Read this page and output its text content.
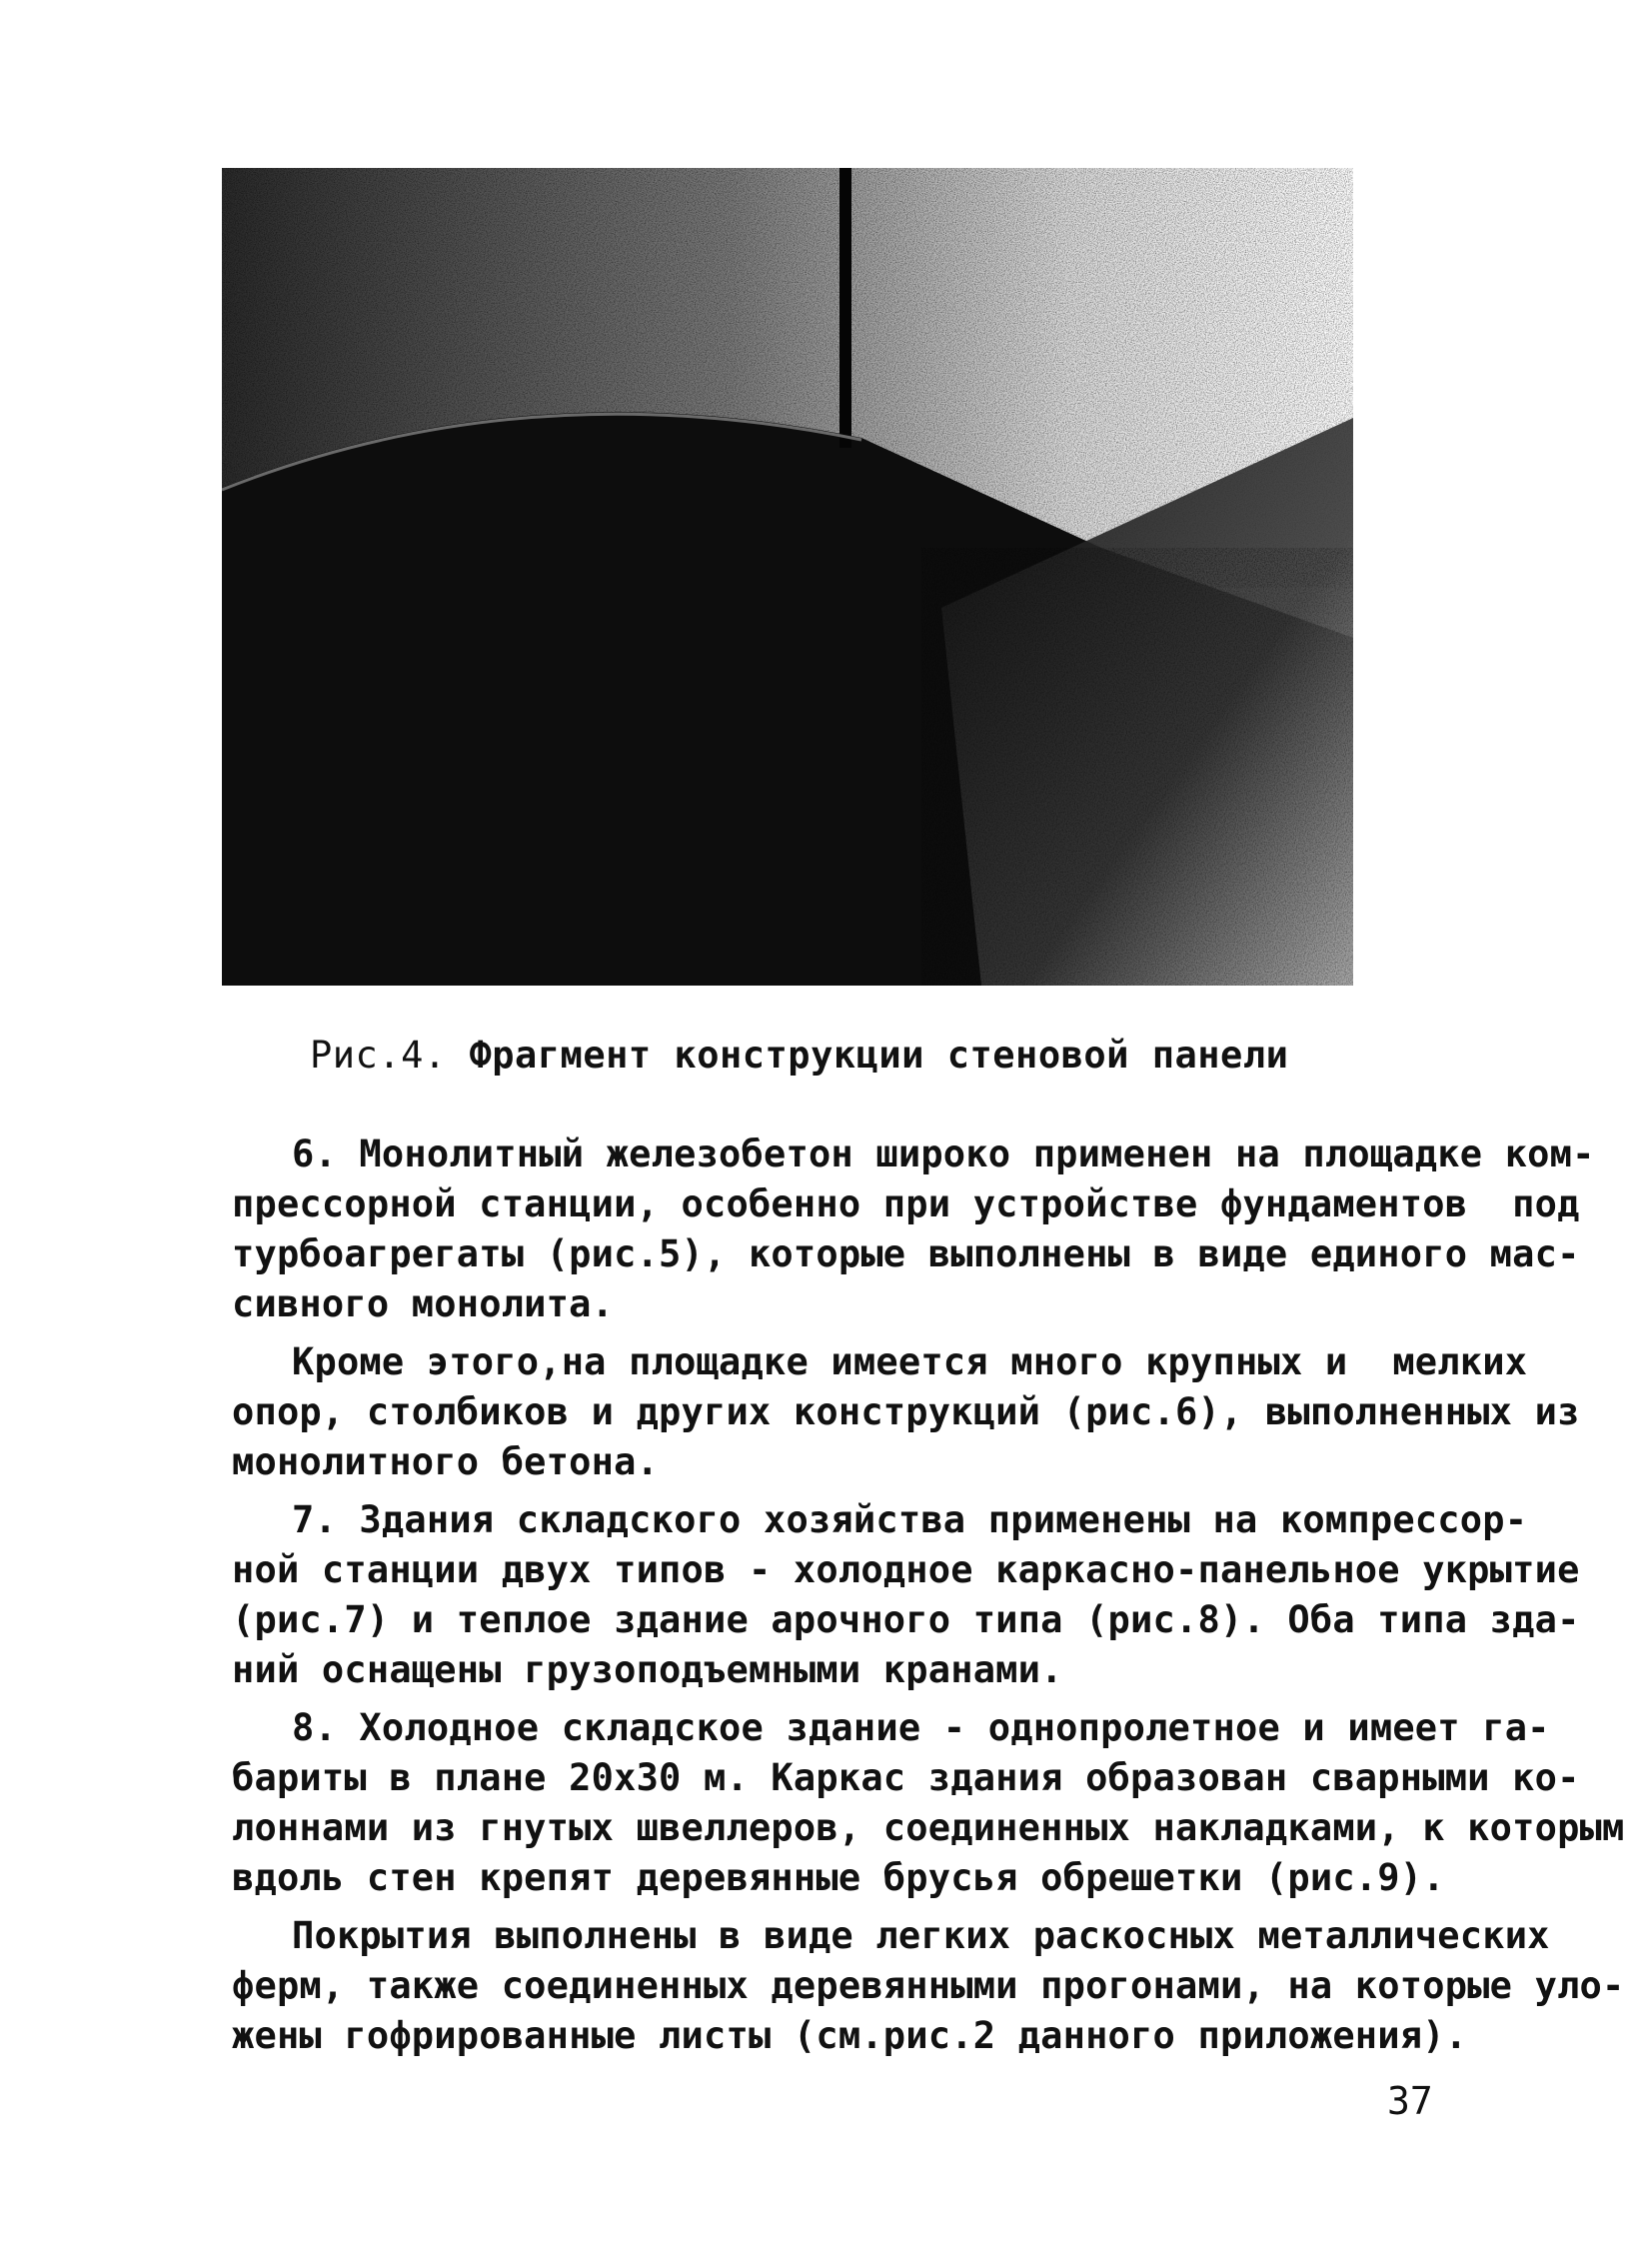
Рис.4. Фрагмент конструкции стеновой панели
6. Монолитный железобетон широко применен на площадке ком-
прессорной станции, особенно при устройстве фундаментов  под
турбоагрегаты (рис.5), которые выполнены в виде единого мас-
сивного монолита.
Кроме этого,на площадке имеется много крупных и  мелких
опор, столбиков и других конструкций (рис.6), выполненных из
монолитного бетона.
7. Здания складского хозяйства применены на компрессор-
ной станции двух типов - холодное каркасно-панельное укрытие
(рис.7) и теплое здание арочного типа (рис.8). Оба типа зда-
ний оснащены грузоподъемными кранами.
8. Холодное складское здание - однопролетное и имеет га-
бариты в плане 20х30 м. Каркас здания образован сварными ко-
лоннами из гнутых швеллеров, соединенных накладками, к которым
вдоль стен крепят деревянные брусья обрешетки (рис.9).
Покрытия выполнены в виде легких раскосных металлических
ферм, также соединенных деревянными прогонами, на которые уло-
жены гофрированные листы (см.рис.2 данного приложения).
37
